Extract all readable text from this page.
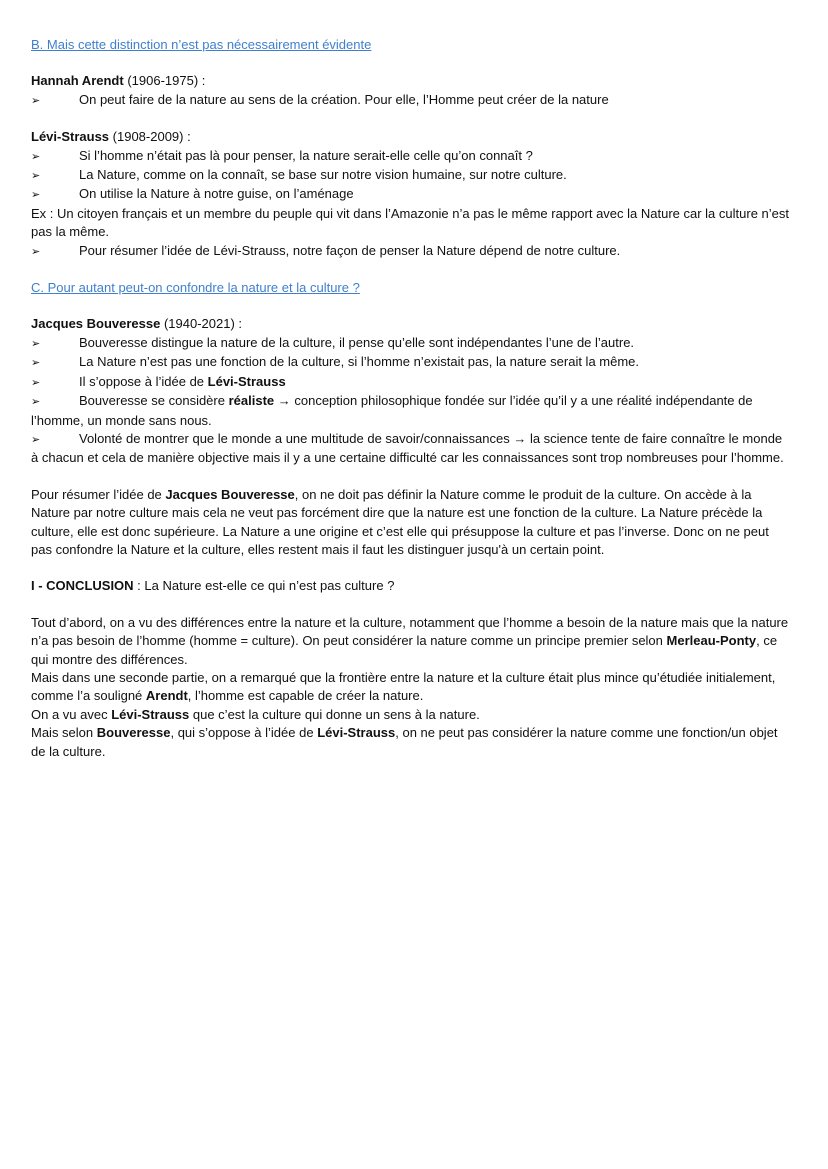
B. Mais cette distinction n’est pas nécessairement évidente
Hannah Arendt (1906-1975) :
➢	On peut faire de la nature au sens de la création. Pour elle, l’Homme peut créer de la nature
Lévi-Strauss (1908-2009) :
➢	Si l’homme n’était pas là pour penser, la nature serait-elle celle qu’on connaît ?
➢	La Nature, comme on la connaît, se base sur notre vision humaine, sur notre culture.
➢	On utilise la Nature à notre guise, on l’aménage

Ex : Un citoyen français et un membre du peuple qui vit dans l’Amazonie n’a pas le même rapport avec la Nature car la culture n’est pas la même.

➢	Pour résumer l’idée de Lévi-Strauss, notre façon de penser la Nature dépend de notre culture.
C. Pour autant peut-on confondre la nature et la culture ?
Jacques Bouveresse (1940-2021) :
➢	Bouveresse distingue la nature de la culture, il pense qu’elle sont indépendantes l’une de l’autre.
➢	La Nature n’est pas une fonction de la culture, si l’homme n’existait pas, la nature serait la même.
➢	Il s’oppose à l’idée de Lévi-Strauss
➢	Bouveresse se considère réaliste → conception philosophique fondée sur l’idée qu’il y a une réalité indépendante de l’homme, un monde sans nous.
➢	Volonté de montrer que le monde a une multitude de savoir/connaissances → la science tente de faire connaître le monde à chacun et cela de manière objective mais il y a une certaine difficulté car les connaissances sont trop nombreuses pour l’homme.

Pour résumer l’idée de Jacques Bouveresse, on ne doit pas définir la Nature comme le produit de la culture. On accède à la Nature par notre culture mais cela ne veut pas forcément dire que la nature est une fonction de la culture. La Nature précède la culture, elle est donc supérieure. La Nature a une origine et c’est elle qui présuppose la culture et pas l’inverse. Donc on ne peut pas confondre la Nature et la culture, elles restent mais il faut les distinguer jusqu'à un certain point.

I - CONCLUSION : La Nature est-elle ce qui n’est pas culture ?

Tout d’abord, on a vu des différences entre la nature et la culture, notamment que l’homme a besoin de la nature mais que la nature n’a pas besoin de l’homme (homme = culture). On peut considérer la nature comme un principe premier selon Merleau-Ponty, ce qui montre des différences.

Mais dans une seconde partie, on a remarqué que la frontière entre la nature et la culture était plus mince qu’étudiée initialement, comme l’a souligné Arendt, l’homme est capable de créer la nature.

On a vu avec Lévi-Strauss que c’est la culture qui donne un sens à la nature.

Mais selon Bouveresse, qui s’oppose à l’idée de Lévi-Strauss, on ne peut pas considérer la nature comme une fonction/un objet de la culture.
